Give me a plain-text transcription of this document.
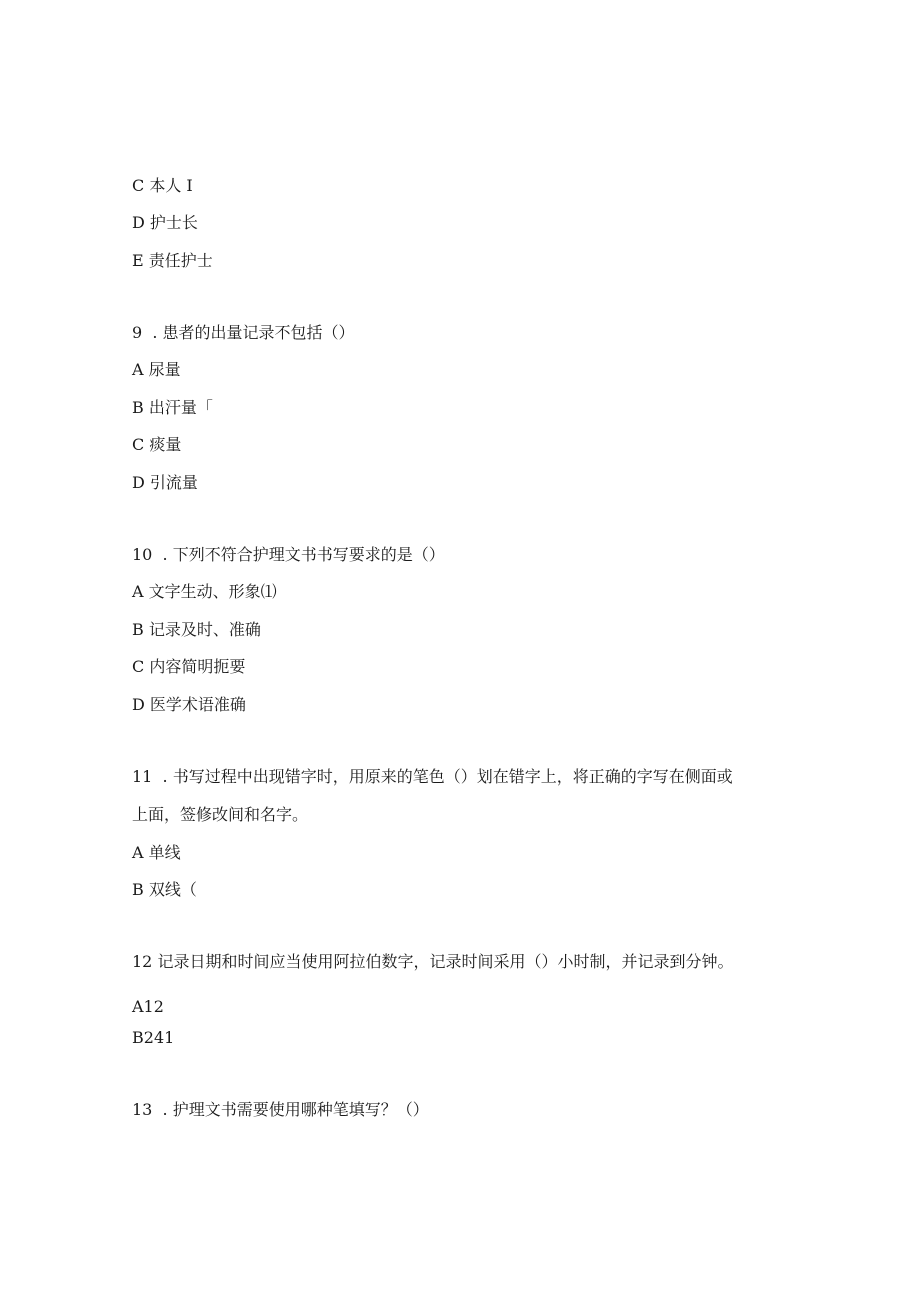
C 本人 I
D 护士长
E 责任护士
9  . 患者的出量记录不包括（）
A 尿量
B 出汗量「
C 痰量
D 引流量
10  . 下列不符合护理文书书写要求的是（）
A 文字生动、形象⑴
B 记录及时、准确
C 内容简明扼要
D 医学术语准确
11  . 书写过程中出现错字时，用原来的笔色（）划在错字上，将正确的字写在侧面或
上面，签修改间和名字。
A 单线
B 双线（
12 记录日期和时间应当使用阿拉伯数字，记录时间采用（）小时制，并记录到分钟。
A12
B241
13  . 护理文书需要使用哪种笔填写？（）
